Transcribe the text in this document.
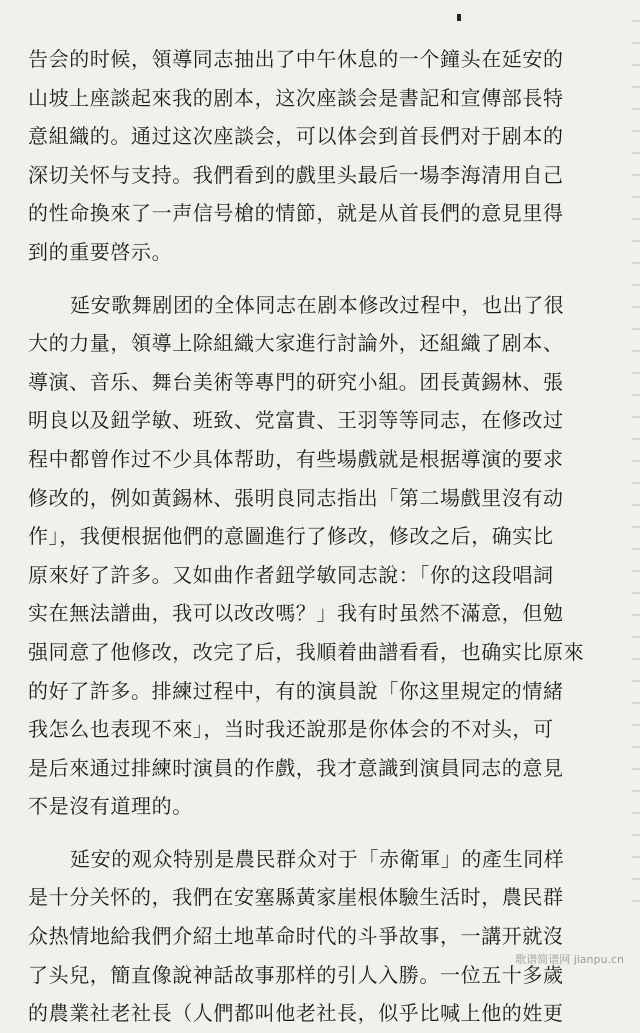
告会的时候，領導同志抽出了中午休息的一个鐘头在延安的

山坡上座談起來我的剧本，这次座談会是書記和宣傳部長特

意組織的。通过这次座談会，可以体会到首長們对于剧本的

深切关怀与支持。我們看到的戲里头最后一場李海清用自己

的性命換來了一声信号槍的情節，就是从首長們的意見里得

到的重要啓示。

延安歌舞剧团的全体同志在剧本修改过程中，也出了很

大的力量，領導上除組織大家進行討論外，还組織了剧本、

導演、音乐、舞台美術等專門的研究小組。团長黃錫林、張

明良以及鈕学敏、班致、党富貴、王羽等等同志，在修改过

程中都曾作过不少具体帮助，有些場戲就是根据導演的要求

修改的，例如黃錫林、張明良同志指出「第二場戲里沒有动

作」，我便根据他們的意圖進行了修改，修改之后，确实比

原來好了許多。又如曲作者鈕学敏同志說：「你的这段唱詞

实在無法譜曲，我可以改改嗎？」我有时虽然不滿意，但勉

强同意了他修改，改完了后，我順着曲譜看看，也确实比原來

的好了許多。排練过程中，有的演員說「你这里規定的情緒

我怎么也表现不來」，当时我还說那是你体会的不对头，可

是后來通过排練时演員的作戲，我才意識到演員同志的意見

不是沒有道理的。

延安的观众特别是農民群众对于「赤衛軍」的產生同样

是十分关怀的，我們在安塞縣黃家崖根体驗生活时，農民群

众热情地給我們介紹土地革命时代的斗爭故事，一講开就沒

了头兒，簡直像說神話故事那样的引人入勝。一位五十多歲

的農業社老社長（人們都叫他老社長，似乎比喊上他的姓更

歌谱简谱网 jianpu.cn
